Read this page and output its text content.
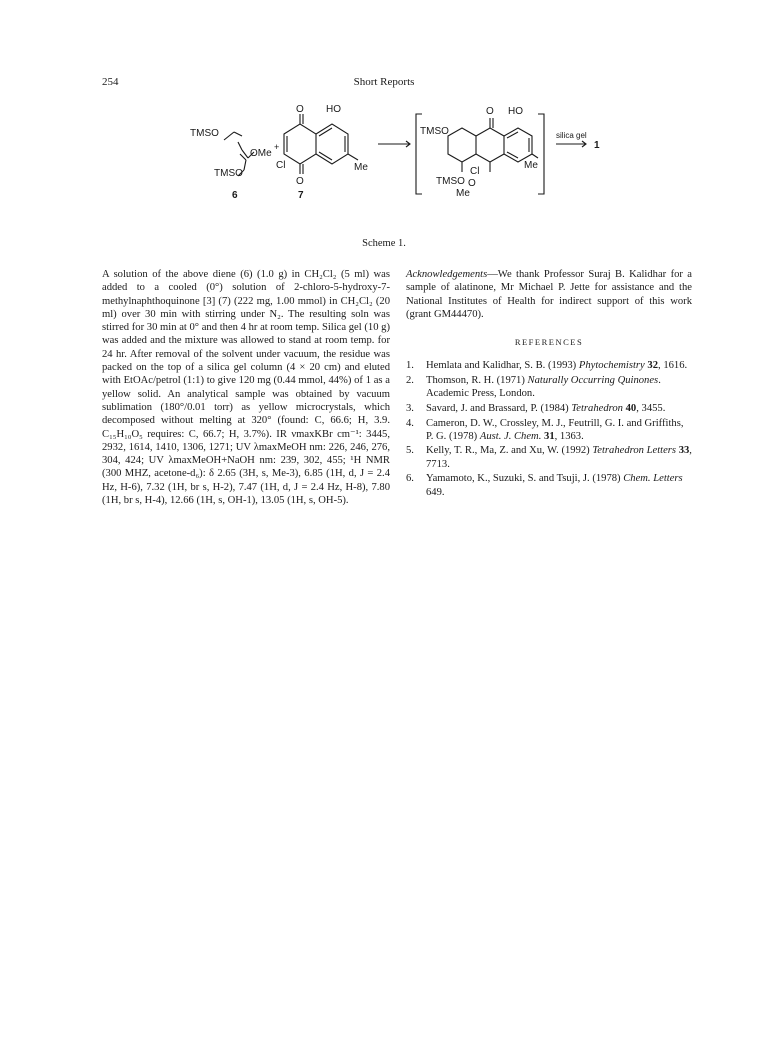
254	Short Reports
TMSO
OMe
+
TMSO
6
O HO
Cl
O
Me
7
O HO
TMSO
TMSO
Cl
O
Me
Me
silica gel
1
Scheme 1.

A solution of the above diene (6) (1.0 g) in CH₂Cl₂ (5 ml) was added to a cooled (0°) solution of 2-chloro-5-hydroxy-7-methylnaphthoquinone [3] (7) (222 mg, 1.00 mmol) in CH₂Cl₂ (20 ml) over 30 min with stirring under N₂. The resulting soln was stirred for 30 min at 0° and then 4 hr at room temp. Silica gel (10 g) was added and the mixture was allowed to stand at room temp. for 24 hr. After removal of the solvent under vacuum, the residue was packed on the top of a silica gel column (4 × 20 cm) and eluted with EtOAc/petrol (1:1) to give 120 mg (0.44 mmol, 44%) of 1 as a yellow solid. An analytical sample was obtained by vacuum sublimation (180°/0.01 torr) as yellow microcrystals, which decomposed without melting at 320° (found: C, 66.6; H, 3.9. C₁₅H₁₀O₅ requires: C, 66.7; H, 3.7%). IR νmaxKBr cm⁻¹: 3445, 2932, 1614, 1410, 1306, 1271; UV λmaxMeOH nm: 226, 246, 276, 304, 424; UV λmaxMeOH+NaOH nm: 239, 302, 455; ¹H NMR (300 MHZ, acetone-d₆): δ 2.65 (3H, s, Me-3), 6.85 (1H, d, J = 2.4 Hz, H-6), 7.32 (1H, br s, H-2), 7.47 (1H, d, J = 2.4 Hz, H-8), 7.80 (1H, br s, H-4), 12.66 (1H, s, OH-1), 13.05 (1H, s, OH-5).

Acknowledgements—We thank Professor Suraj B. Kalidhar for a sample of alatinone, Mr Michael P. Jette for assistance and the National Institutes of Health for indirect support of this work (grant GM44470).

REFERENCES
1. Hemlata and Kalidhar, S. B. (1993) Phytochemistry 32, 1616.
2. Thomson, R. H. (1971) Naturally Occurring Quinones. Academic Press, London.
3. Savard, J. and Brassard, P. (1984) Tetrahedron 40, 3455.
4. Cameron, D. W., Crossley, M. J., Feutrill, G. I. and Griffiths, P. G. (1978) Aust. J. Chem. 31, 1363.
5. Kelly, T. R., Ma, Z. and Xu, W. (1992) Tetrahedron Letters 33, 7713.
6. Yamamoto, K., Suzuki, S. and Tsuji, J. (1978) Chem. Letters 649.
